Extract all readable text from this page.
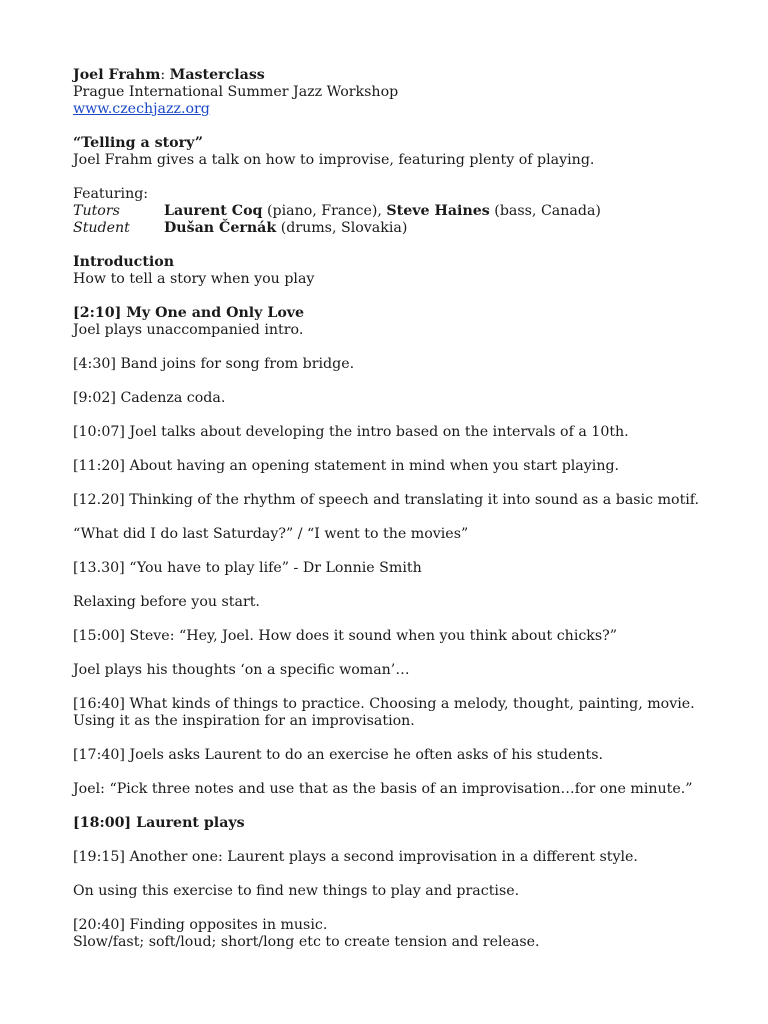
Joel Frahm: Masterclass
Prague International Summer Jazz Workshop
www.czechjazz.org
“Telling a story”
Joel Frahm gives a talk on how to improvise, featuring plenty of playing.
Featuring:
Tutors	Laurent Coq (piano, France), Steve Haines (bass, Canada)
Student	Dušan Černák (drums, Slovakia)
Introduction
How to tell a story when you play
[2:10] My One and Only Love
Joel plays unaccompanied intro.

[4:30] Band joins for song from bridge.

[9:02] Cadenza coda.

[10:07] Joel talks about developing the intro based on the intervals of a 10th.

[11:20] About having an opening statement in mind when you start playing.

[12.20] Thinking of the rhythm of speech and translating it into sound as a basic motif.

“What did I do last Saturday?” / “I went to the movies”

[13.30] “You have to play life” - Dr Lonnie Smith

Relaxing before you start.

[15:00] Steve: “Hey, Joel. How does it sound when you think about chicks?”

Joel plays his thoughts ‘on a specific woman’…

[16:40] What kinds of things to practice. Choosing a melody, thought, painting, movie.
Using it as the inspiration for an improvisation.

[17:40] Joels asks Laurent to do an exercise he often asks of his students.

Joel: “Pick three notes and use that as the basis of an improvisation…for one minute.”

[18:00] Laurent plays

[19:15] Another one: Laurent plays a second improvisation in a different style.

On using this exercise to find new things to play and practise.

[20:40] Finding opposites in music.
Slow/fast; soft/loud; short/long etc to create tension and release.
